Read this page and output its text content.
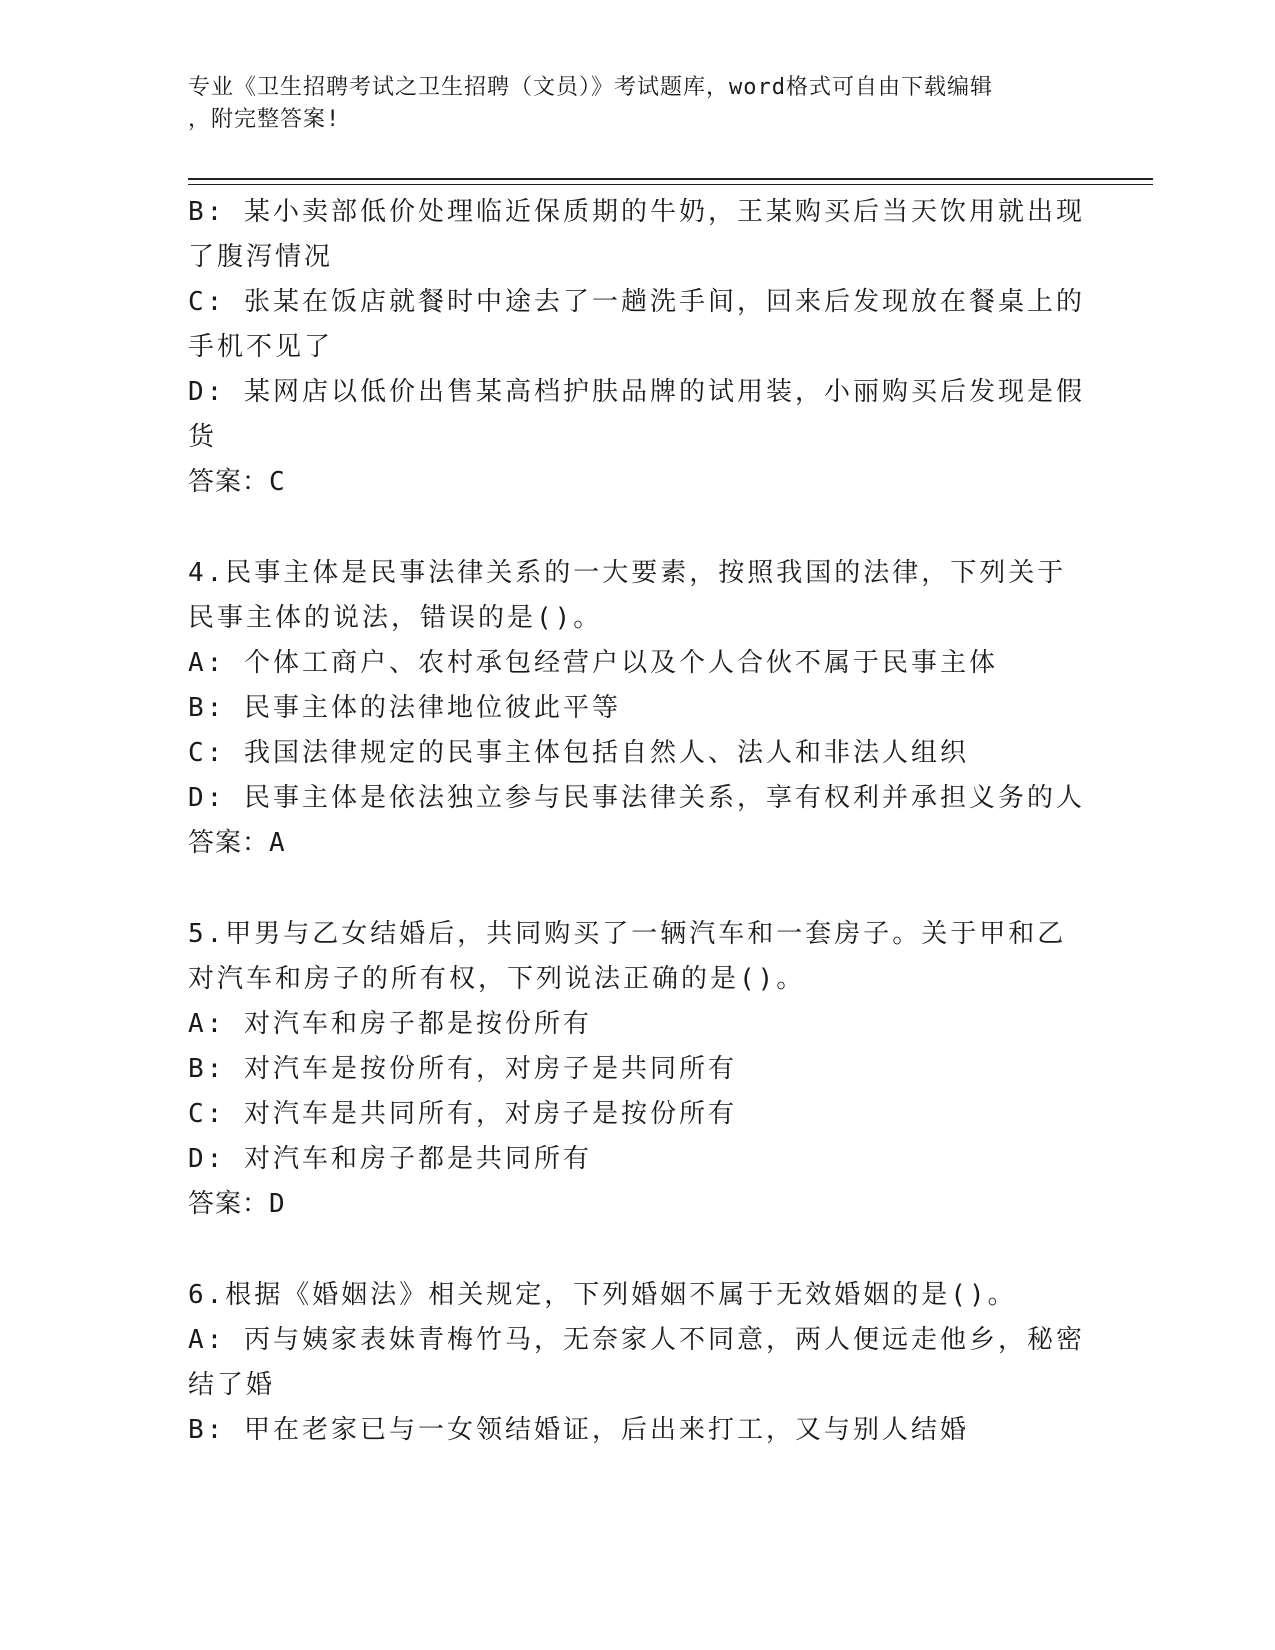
专业《卫生招聘考试之卫生招聘（文员）》考试题库，word格式可自由下载编辑

，附完整答案!

B: 某小卖部低价处理临近保质期的牛奶，王某购买后当天饮用就出现

了腹泻情况

C: 张某在饭店就餐时中途去了一趟洗手间，回来后发现放在餐桌上的

手机不见了

D: 某网店以低价出售某高档护肤品牌的试用装，小丽购买后发现是假

货

答案：C

4.民事主体是民事法律关系的一大要素，按照我国的法律，下列关于

民事主体的说法，错误的是()。

A: 个体工商户、农村承包经营户以及个人合伙不属于民事主体

B: 民事主体的法律地位彼此平等

C: 我国法律规定的民事主体包括自然人、法人和非法人组织

D: 民事主体是依法独立参与民事法律关系，享有权利并承担义务的人

答案：A

5.甲男与乙女结婚后，共同购买了一辆汽车和一套房子。关于甲和乙

对汽车和房子的所有权，下列说法正确的是()。

A: 对汽车和房子都是按份所有

B: 对汽车是按份所有，对房子是共同所有

C: 对汽车是共同所有，对房子是按份所有

D: 对汽车和房子都是共同所有

答案：D

6.根据《婚姻法》相关规定，下列婚姻不属于无效婚姻的是()。

A: 丙与姨家表妹青梅竹马，无奈家人不同意，两人便远走他乡，秘密

结了婚

B: 甲在老家已与一女领结婚证，后出来打工，又与别人结婚
